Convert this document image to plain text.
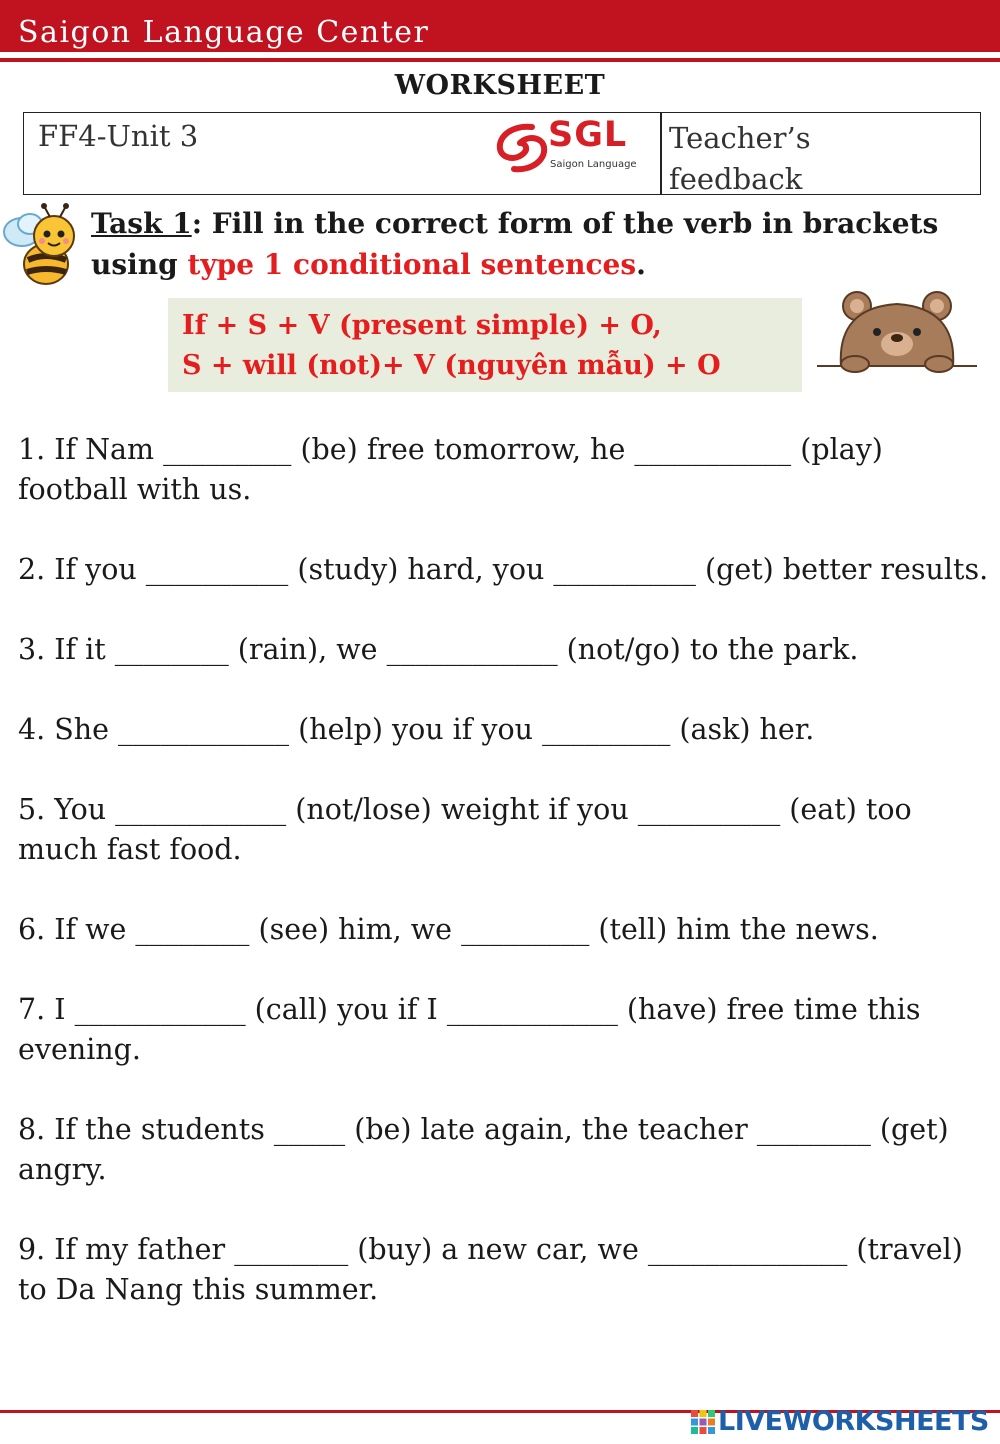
Saigon Language Center
WORKSHEET
FF4-Unit 3	SGL
Saigon Language
Teacher’s
feedback
Task 1: Fill in the correct form of the verb in brackets using type 1 conditional sentences.
If + S + V (present simple) + O,
S + will (not)+ V (nguyên mẫu) + O

1. If Nam _________ (be) free tomorrow, he ___________ (play) football with us.

2. If you __________ (study) hard, you __________ (get) better results.

3. If it ________ (rain), we ____________ (not/go) to the park.

4. She ____________ (help) you if you _________ (ask) her.

5. You ____________ (not/lose) weight if you __________ (eat) too much fast food.

6. If we ________ (see) him, we _________ (tell) him the news.

7. I ____________ (call) you if I ____________ (have) free time this evening.

8. If the students _____ (be) late again, the teacher ________ (get) angry.

9. If my father ________ (buy) a new car, we ______________ (travel) to Da Nang this summer.

LIVEWORKSHEETS
